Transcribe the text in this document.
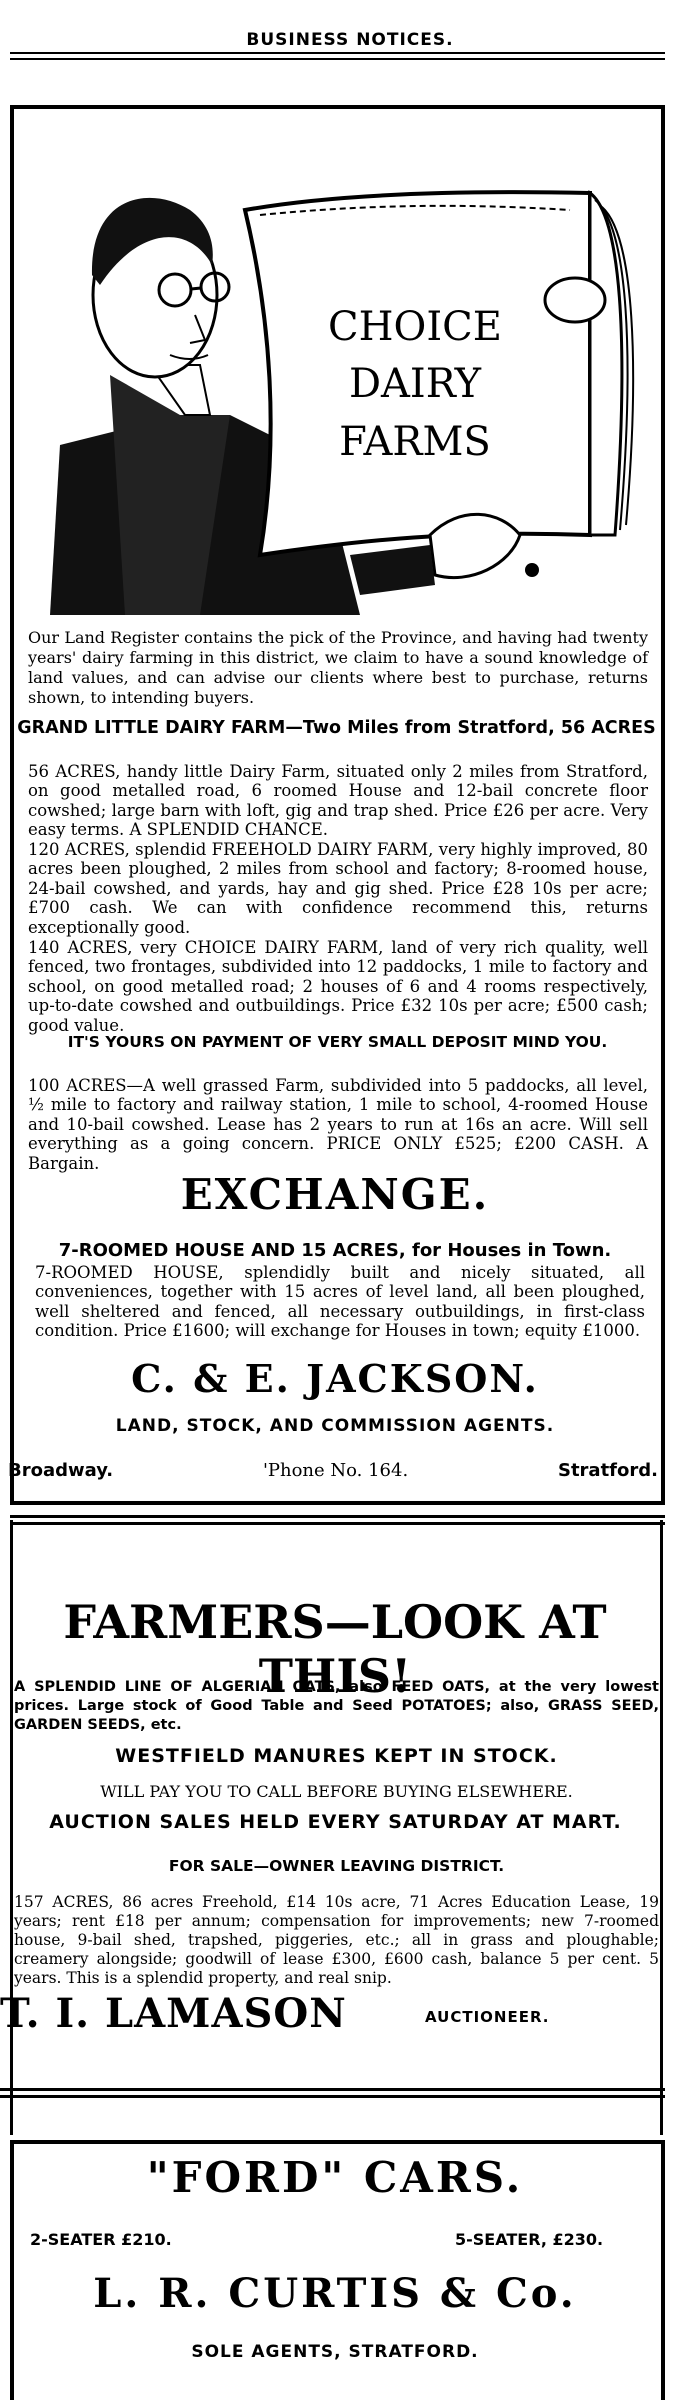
BUSINESS NOTICES.
CHOICE
DAIRY
FARMS
Our Land Register contains the pick of the Province, and having had twenty years' dairy farming in this district, we claim to have a sound knowledge of land values, and can advise our clients where best to purchase, returns shown, to intending buyers.
GRAND LITTLE DAIRY FARM—Two Miles from Stratford, 56 ACRES
56 ACRES, handy little Dairy Farm, situated only 2 miles from Stratford, on good metalled road, 6 roomed House and 12-bail concrete floor cowshed; large barn with loft, gig and trap shed. Price £26 per acre. Very easy terms. A SPLENDID CHANCE.
120 ACRES, splendid FREEHOLD DAIRY FARM, very highly improved, 80 acres been ploughed, 2 miles from school and factory; 8-roomed house, 24-bail cowshed, and yards, hay and gig shed. Price £28 10s per acre; £700 cash. We can with confidence recommend this, returns exceptionally good.
140 ACRES, very CHOICE DAIRY FARM, land of very rich quality, well fenced, two frontages, subdivided into 12 paddocks, 1 mile to factory and school, on good metalled road; 2 houses of 6 and 4 rooms respectively, up-to-date cowshed and outbuildings. Price £32 10s per acre; £500 cash; good value.
IT'S YOURS ON PAYMENT OF VERY SMALL DEPOSIT MIND YOU.
100 ACRES—A well grassed Farm, subdivided into 5 paddocks, all level, ½ mile to factory and railway station, 1 mile to school, 4-roomed House and 10-bail cowshed. Lease has 2 years to run at 16s an acre. Will sell everything as a going concern. PRICE ONLY £525; £200 CASH. A Bargain.
EXCHANGE.
7-ROOMED HOUSE AND 15 ACRES, for Houses in Town.
7-ROOMED HOUSE, splendidly built and nicely situated, all conveniences, together with 15 acres of level land, all been ploughed, well sheltered and fenced, all necessary outbuildings, in first-class condition. Price £1600; will exchange for Houses in town; equity £1000.
C. & E. JACKSON.
LAND, STOCK, AND COMMISSION AGENTS.
Broadway.	'Phone No. 164.	Stratford.
FARMERS—LOOK AT THIS!
A SPLENDID LINE OF ALGERIAN OATS, also FEED OATS, at the very lowest prices. Large stock of Good Table and Seed POTATOES; also, GRASS SEED, GARDEN SEEDS, etc.
WESTFIELD MANURES KEPT IN STOCK.
WILL PAY YOU TO CALL BEFORE BUYING ELSEWHERE.
AUCTION SALES HELD EVERY SATURDAY AT MART.
FOR SALE—OWNER LEAVING DISTRICT.
157 ACRES, 86 acres Freehold, £14 10s acre, 71 Acres Education Lease, 19 years; rent £18 per annum; compensation for improvements; new 7-roomed house, 9-bail shed, trapshed, piggeries, etc.; all in grass and ploughable; creamery alongside; goodwill of lease £300, £600 cash, balance 5 per cent. 5 years. This is a splendid property, and real snip.
T. I. LAMASON	AUCTIONEER.
"FORD" CARS.
2-SEATER £210.	5-SEATER, £230.
L. R. CURTIS & Co.
SOLE AGENTS, STRATFORD.
